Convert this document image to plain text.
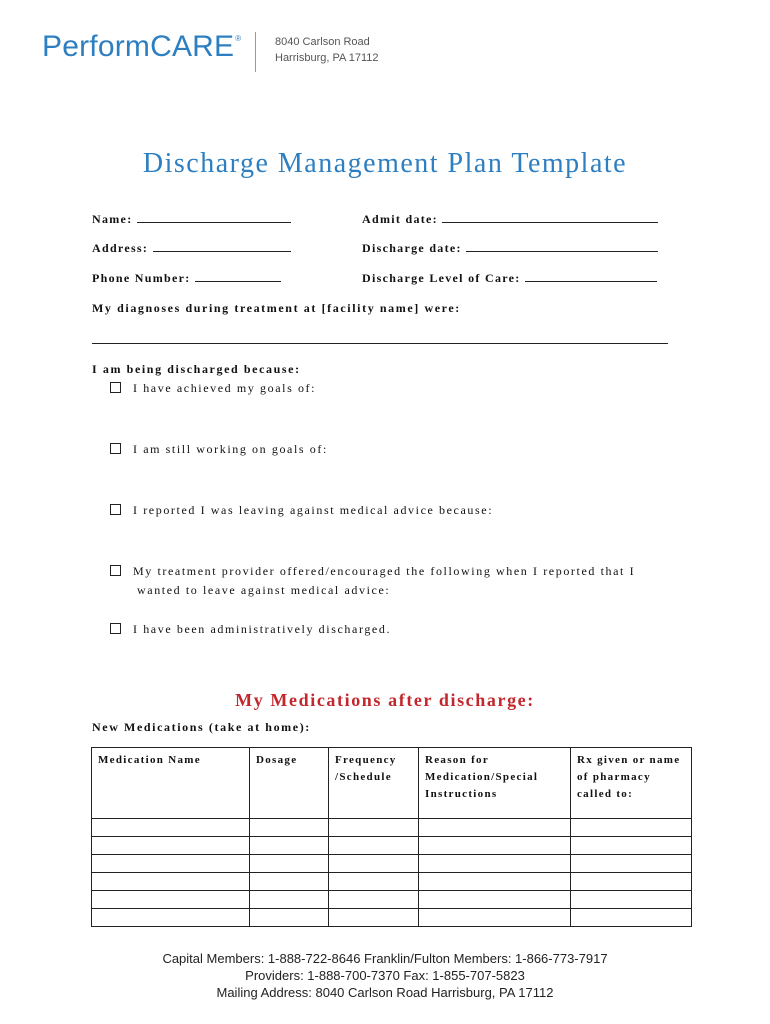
PerformCARE®	8040 Carlson Road
Harrisburg, PA 17112
Discharge Management Plan Template
Name:	Admit date:
Address:	Discharge date:
Phone Number:	Discharge Level of Care:
My diagnoses during treatment at [facility name] were:
I am being discharged because:
I have achieved my goals of:
I am still working on goals of:
I reported I was leaving against medical advice because:
My treatment provider offered/encouraged the following when I reported that I
wanted to leave against medical advice:
I have been administratively discharged.
My Medications after discharge:
New Medications (take at home):
Medication Name	Dosage	Frequency /Schedule	Reason for Medication/Special Instructions	Rx given or name of pharmacy called to:

Capital Members: 1-888-722-8646 Franklin/Fulton Members: 1-866-773-7917
Providers: 1-888-700-7370 Fax: 1-855-707-5823
Mailing Address: 8040 Carlson Road Harrisburg, PA 17112
